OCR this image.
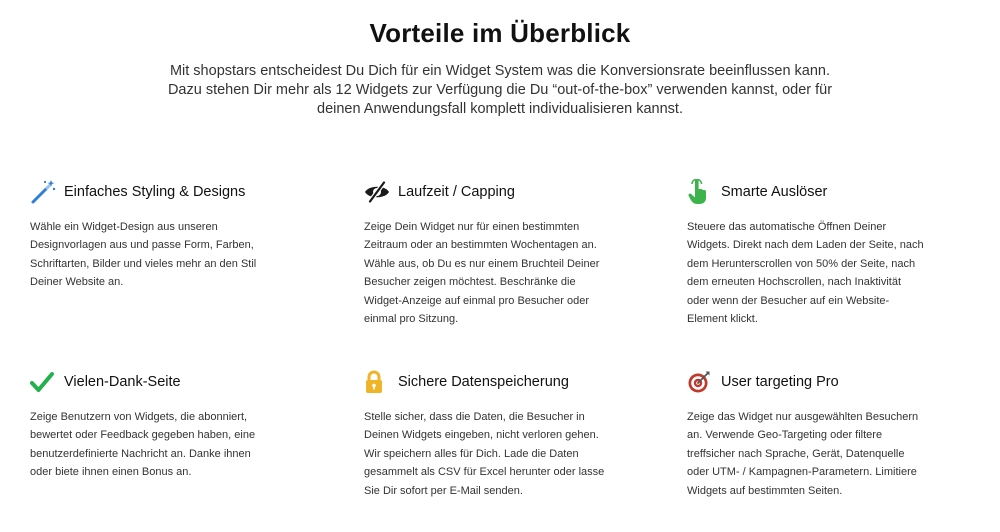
Vorteile im Überblick

Mit shopstars entscheidest Du Dich für ein Widget System was die Konversionsrate beeinflussen kann.
Dazu stehen Dir mehr als 12 Widgets zur Verfügung die Du “out-of-the-box” verwenden kannst, oder für
deinen Anwendungsfall komplett individualisieren kannst.

Einfaches Styling & Designs

Wähle ein Widget-Design aus unseren
Designvorlagen aus und passe Form, Farben,
Schriftarten, Bilder und vieles mehr an den Stil
Deiner Website an.

Laufzeit / Capping

Zeige Dein Widget nur für einen bestimmten
Zeitraum oder an bestimmten Wochentagen an.
Wähle aus, ob Du es nur einem Bruchteil Deiner
Besucher zeigen möchtest. Beschränke die
Widget-Anzeige auf einmal pro Besucher oder
einmal pro Sitzung.

Smarte Auslöser

Steuere das automatische Öffnen Deiner
Widgets. Direkt nach dem Laden der Seite, nach
dem Herunterscrollen von 50% der Seite, nach
dem erneuten Hochscrollen, nach Inaktivität
oder wenn der Besucher auf ein Website-
Element klickt.

Vielen-Dank-Seite

Zeige Benutzern von Widgets, die abonniert,
bewertet oder Feedback gegeben haben, eine
benutzerdefinierte Nachricht an. Danke ihnen
oder biete ihnen einen Bonus an.

Sichere Datenspeicherung

Stelle sicher, dass die Daten, die Besucher in
Deinen Widgets eingeben, nicht verloren gehen.
Wir speichern alles für Dich. Lade die Daten
gesammelt als CSV für Excel herunter oder lasse
Sie Dir sofort per E-Mail senden.

User targeting Pro

Zeige das Widget nur ausgewählten Besuchern
an. Verwende Geo-Targeting oder filtere
treffsicher nach Sprache, Gerät, Datenquelle
oder UTM- / Kampagnen-Parametern. Limitiere
Widgets auf bestimmten Seiten.
